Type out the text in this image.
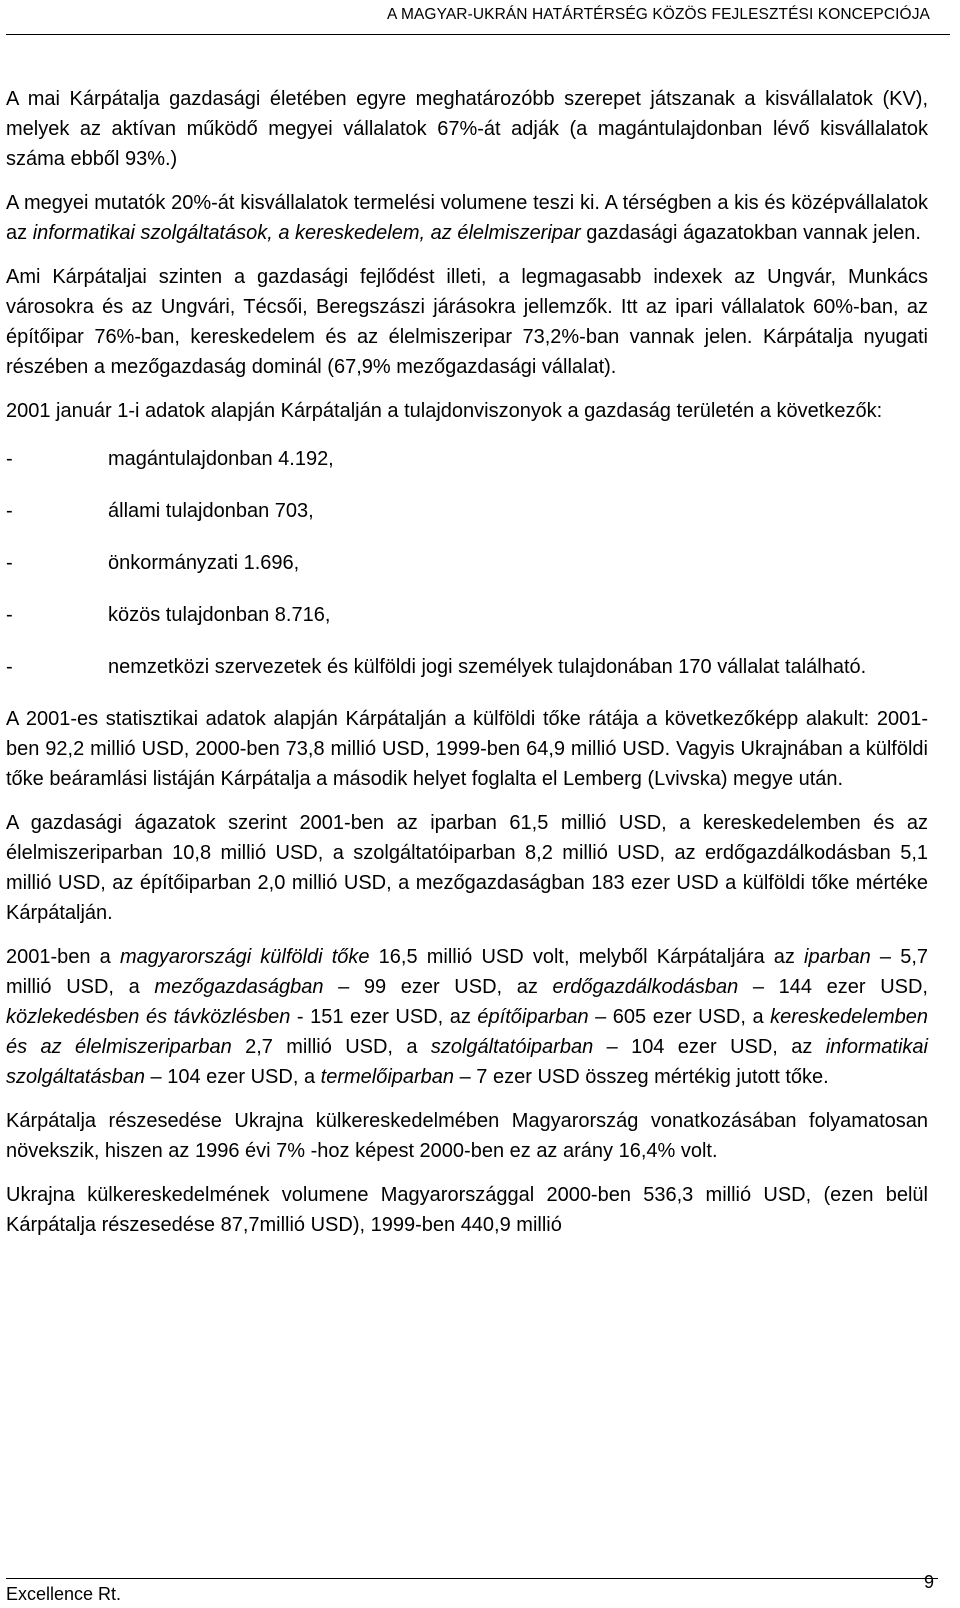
A MAGYAR-UKRÁN HATÁRTÉRSÉG KÖZÖS FEJLESZTÉSI KONCEPCIÓJA

A mai Kárpátalja gazdasági életében egyre meghatározóbb szerepet játszanak a kisvállalatok (KV), melyek az aktívan működő megyei vállalatok 67%-át adják (a magántulajdonban lévő kisvállalatok száma ebből 93%.)

A megyei mutatók 20%-át kisvállalatok termelési volumene teszi ki. A térségben a kis és középvállalatok az informatikai szolgáltatások, a kereskedelem, az élelmiszeripar gazdasági ágazatokban vannak jelen.

Ami Kárpátaljai szinten a gazdasági fejlődést illeti, a legmagasabb indexek az Ungvár, Munkács városokra és az Ungvári, Técsői, Beregszászi járásokra jellemzők. Itt az ipari vállalatok 60%-ban, az építőipar 76%-ban, kereskedelem és az élelmiszeripar 73,2%-ban vannak jelen. Kárpátalja nyugati részében a mezőgazdaság dominál (67,9% mezőgazdasági vállalat).

2001 január 1-i adatok alapján Kárpátalján a tulajdonviszonyok a gazdaság területén a következők:

-	magántulajdonban 4.192,
-	állami tulajdonban 703,
-	önkormányzati 1.696,
-	közös tulajdonban 8.716,
-	nemzetközi szervezetek és külföldi jogi személyek tulajdonában 170 vállalat található.

A 2001-es statisztikai adatok alapján Kárpátalján a külföldi tőke rátája a következőképp alakult: 2001-ben 92,2 millió USD, 2000-ben 73,8 millió USD, 1999-ben 64,9 millió USD. Vagyis Ukrajnában a külföldi tőke beáramlási listáján Kárpátalja a második helyet foglalta el Lemberg (Lvivska) megye után.

A gazdasági ágazatok szerint 2001-ben az iparban 61,5 millió USD, a kereskedelemben és az élelmiszeriparban 10,8 millió USD, a szolgáltatóiparban 8,2 millió USD, az erdőgazdálkodásban 5,1 millió USD, az építőiparban 2,0 millió USD, a mezőgazdaságban 183 ezer USD a külföldi tőke mértéke Kárpátalján.

2001-ben a magyarországi külföldi tőke 16,5 millió USD volt, melyből Kárpátaljára az iparban – 5,7 millió USD, a mezőgazdaságban – 99 ezer USD, az erdőgazdálkodásban – 144 ezer USD, közlekedésben és távközlésben - 151 ezer USD, az építőiparban – 605 ezer USD, a kereskedelemben és az élelmiszeriparban 2,7 millió USD, a szolgáltatóiparban – 104 ezer USD, az informatikai szolgáltatásban – 104 ezer USD, a termelőiparban – 7 ezer USD összeg mértékig jutott tőke.

Kárpátalja részesedése Ukrajna külkereskedelmében Magyarország vonatkozásában folyamatosan növekszik, hiszen az 1996 évi 7% -hoz képest 2000-ben ez az arány 16,4% volt.

Ukrajna külkereskedelmének volumene Magyarországgal 2000-ben 536,3 millió USD, (ezen belül Kárpátalja részesedése 87,7millió USD), 1999-ben 440,9 millió

Excellence Rt.
9
